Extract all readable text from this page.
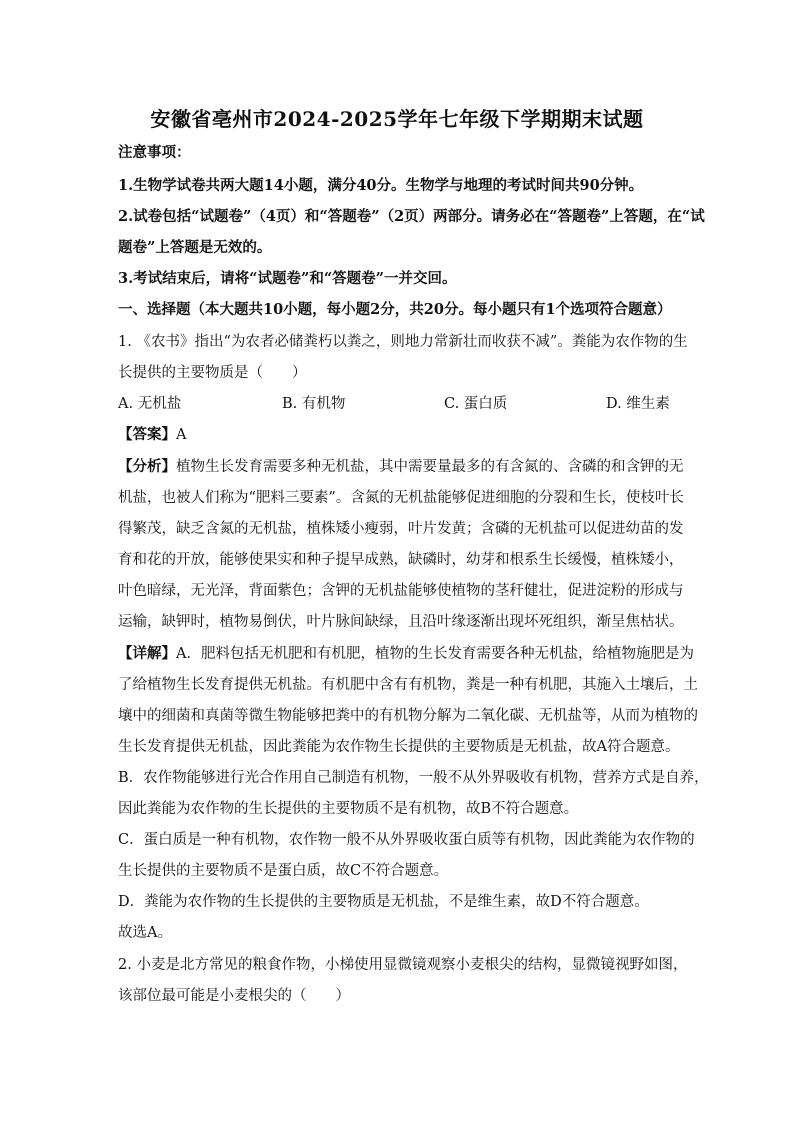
安徽省亳州市2024-2025学年七年级下学期期末试题
注意事项：
1.生物学试卷共两大题14小题，满分40分。生物学与地理的考试时间共90分钟。
2.试卷包括“试题卷”（4页）和“答题卷”（2页）两部分。请务必在“答题卷”上答题，在“试
题卷”上答题是无效的。
3.考试结束后，请将“试题卷”和“答题卷”一并交回。
一、选择题（本大题共10小题，每小题2分，共20分。每小题只有1个选项符合题意）
1. 《农书》指出“为农者必储粪朽以粪之，则地力常新壮而收获不减”。粪能为农作物的生
长提供的主要物质是（　　）
A. 无机盐	B. 有机物	C. 蛋白质	D. 维生素
【答案】A
【分析】植物生长发育需要多种无机盐，其中需要量最多的有含氮的、含磷的和含钾的无
机盐，也被人们称为“肥料三要素”。含氮的无机盐能够促进细胞的分裂和生长，使枝叶长
得繁茂，缺乏含氮的无机盐，植株矮小瘦弱，叶片发黄；含磷的无机盐可以促进幼苗的发
育和花的开放，能够使果实和种子提早成熟，缺磷时，幼芽和根系生长缓慢，植株矮小，
叶色暗绿，无光泽，背面紫色；含钾的无机盐能够使植物的茎秆健壮，促进淀粉的形成与
运输，缺钾时，植物易倒伏，叶片脉间缺绿，且沿叶缘逐渐出现坏死组织，渐呈焦枯状。
【详解】A．肥料包括无机肥和有机肥，植物的生长发育需要各种无机盐，给植物施肥是为
了给植物生长发育提供无机盐。有机肥中含有有机物，粪是一种有机肥，其施入土壤后，土
壤中的细菌和真菌等微生物能够把粪中的有机物分解为二氧化碳、无机盐等，从而为植物的
生长发育提供无机盐，因此粪能为农作物生长提供的主要物质是无机盐，故A符合题意。
B．农作物能够进行光合作用自己制造有机物，一般不从外界吸收有机物，营养方式是自养，
因此粪能为农作物的生长提供的主要物质不是有机物，故B不符合题意。
C．蛋白质是一种有机物，农作物一般不从外界吸收蛋白质等有机物，因此粪能为农作物的
生长提供的主要物质不是蛋白质，故C不符合题意。
D．粪能为农作物的生长提供的主要物质是无机盐，不是维生素，故D不符合题意。
故选A。
2. 小麦是北方常见的粮食作物，小梯使用显微镜观察小麦根尖的结构，显微镜视野如图，
该部位最可能是小麦根尖的（　　）
